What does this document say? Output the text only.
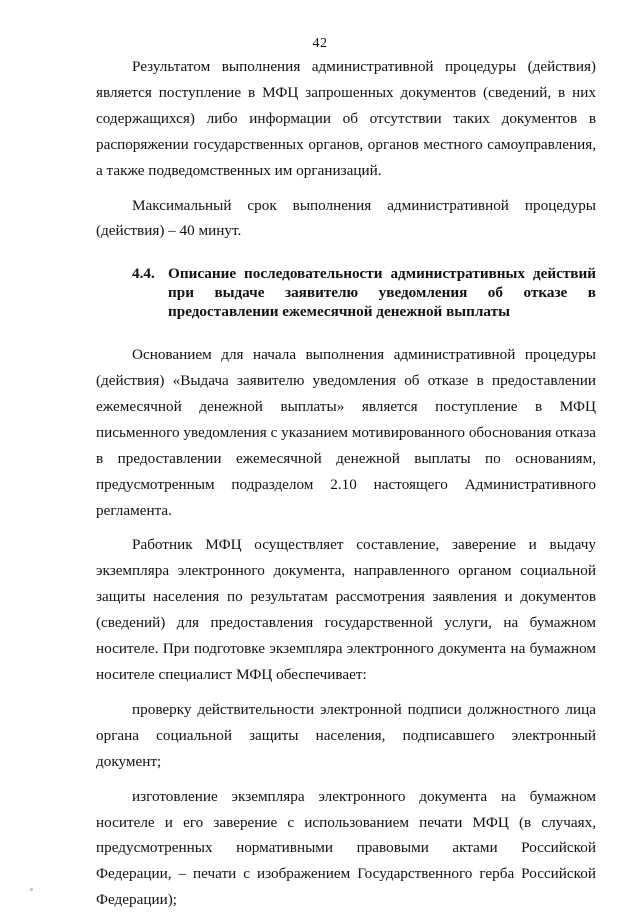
42

Результатом выполнения административной процедуры (действия) является поступление в МФЦ запрошенных документов (сведений, в них содержащихся) либо информации об отсутствии таких документов в распоряжении государственных органов, органов местного самоуправления, а также подведомственных им организаций.

Максимальный срок выполнения административной процедуры (действия) – 40 минут.

4.4. Описание последовательности административных действий при выдаче заявителю уведомления об отказе в предоставлении ежемесячной денежной выплаты

Основанием для начала выполнения административной процедуры (действия) «Выдача заявителю уведомления об отказе в предоставлении ежемесячной денежной выплаты» является поступление в МФЦ письменного уведомления с указанием мотивированного обоснования отказа в предоставлении ежемесячной денежной выплаты по основаниям, предусмотренным подразделом 2.10 настоящего Административного регламента.

Работник МФЦ осуществляет составление, заверение и выдачу экземпляра электронного документа, направленного органом социальной защиты населения по результатам рассмотрения заявления и документов (сведений) для предоставления государственной услуги, на бумажном носителе. При подготовке экземпляра электронного документа на бумажном носителе специалист МФЦ обеспечивает:

проверку действительности электронной подписи должностного лица органа социальной защиты населения, подписавшего электронный документ;

изготовление экземпляра электронного документа на бумажном носителе и его заверение с использованием печати МФЦ (в случаях, предусмотренных нормативными правовыми актами Российской Федерации, – печати с изображением Государственного герба Российской Федерации);
